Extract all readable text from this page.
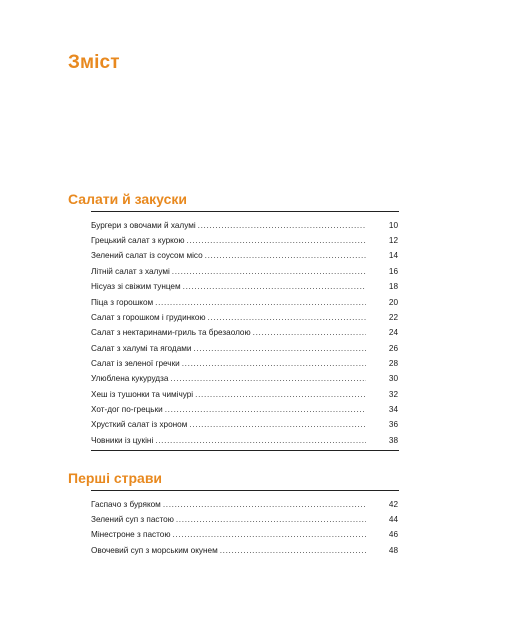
Зміст
Салати й закуски
Бургери з овочами й халумі . . .	10
Грецький салат з куркою . . .	12
Зелений салат із соусом місо . . .	14
Літній салат з халумі . . .	16
Нісуаз зі свіжим тунцем . . .	18
Піца з горошком . . .	20
Салат з горошком і грудинкою . . .	22
Салат з нектаринами-гриль та брезаолою . . .	24
Салат з халумі та ягодами . . .	26
Салат із зеленої гречки . . .	28
Улюблена кукурудза . . .	30
Хеш із тушонки та чимічурі . . .	32
Хот-дог по-грецьки . . .	34
Хрусткий салат із хроном . . .	36
Човники із цукіні . . .	38
Перші страви
Гаспачо з буряком . . .	42
Зелений суп з пастою . . .	44
Мінестроне з пастою . . .	46
Овочевий суп з морським окунем . . .	48
